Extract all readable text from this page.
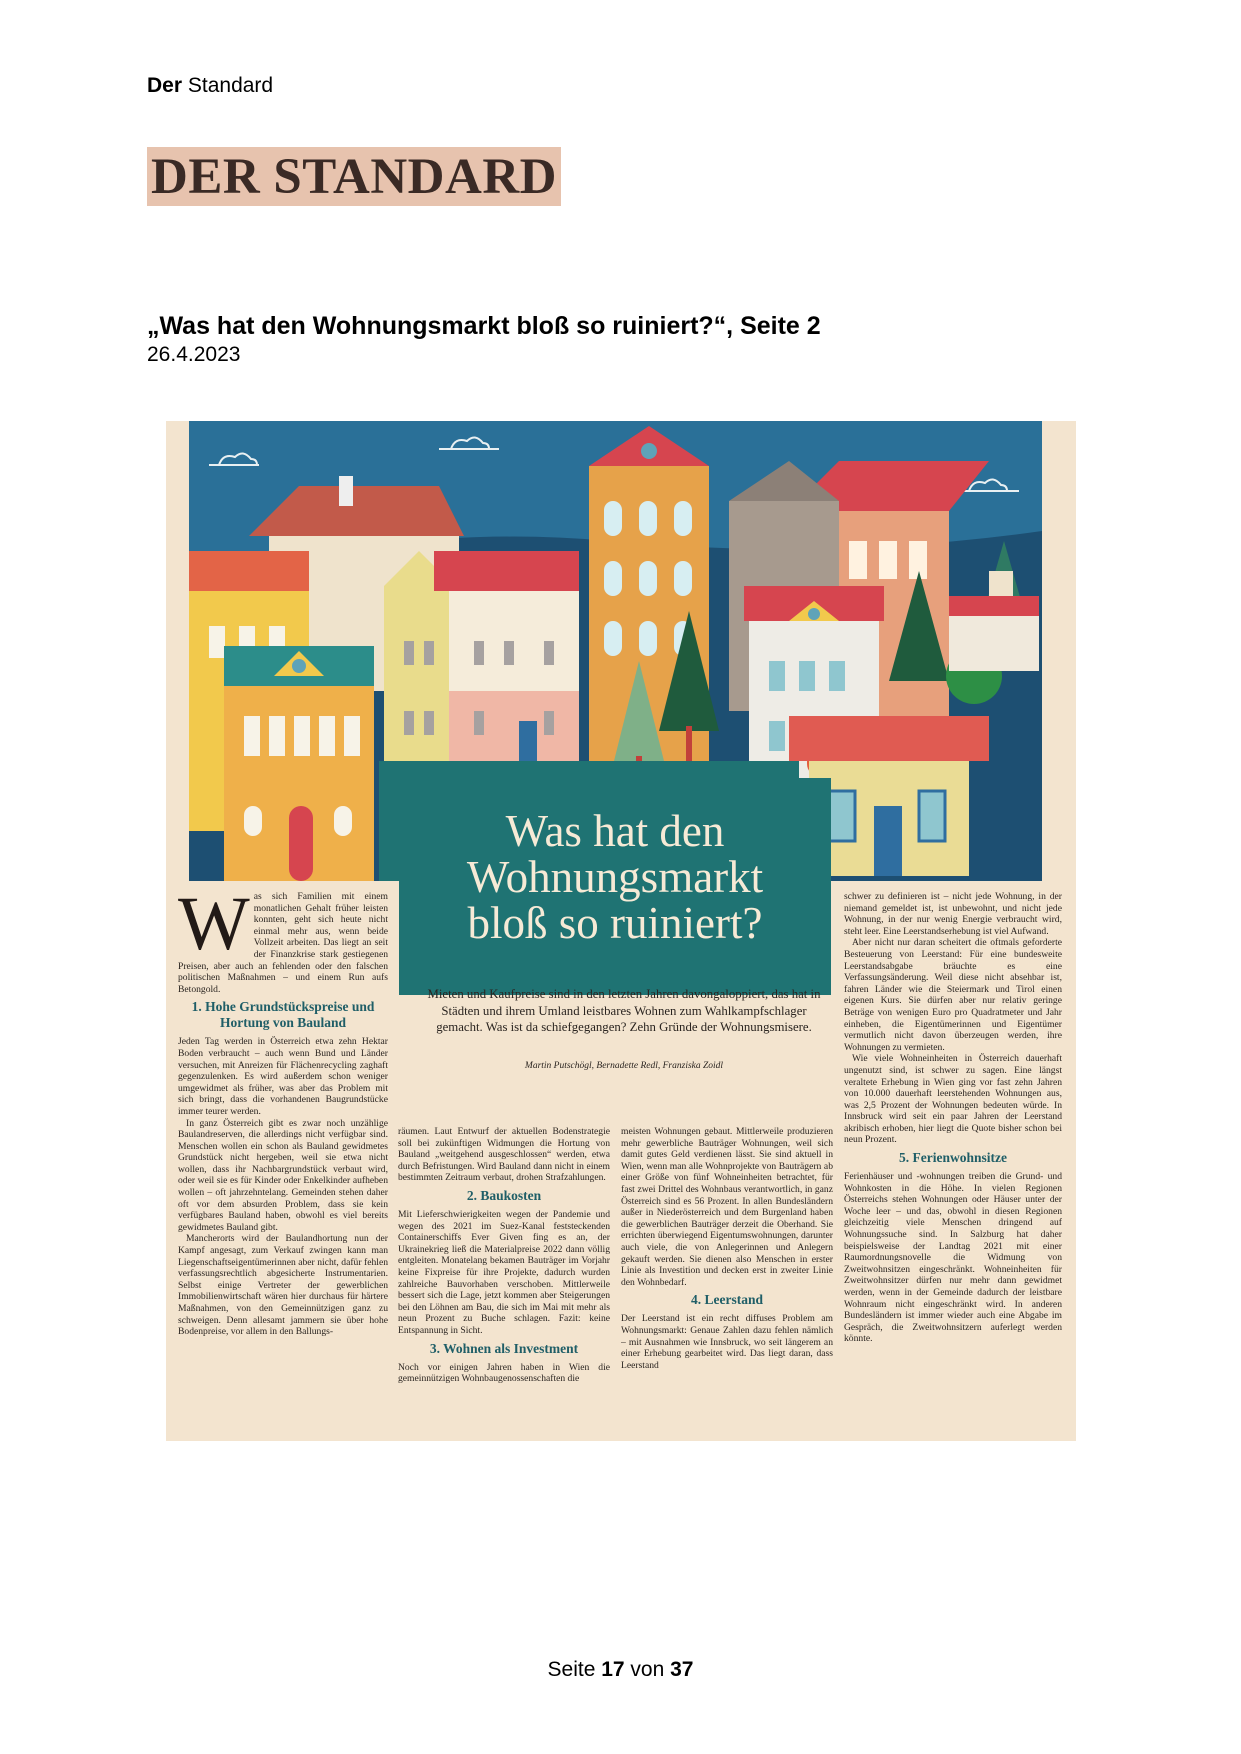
Der Standard
DER STANDARD
„Was hat den Wohnungsmarkt bloß so ruiniert?“, Seite 2
26.4.2023
Was hat den
Wohnungsmarkt
bloß so ruiniert?
Mieten und Kaufpreise sind in den letzten Jahren davongaloppiert, das hat in Städten und ihrem Umland leistbares Wohnen zum Wahlkampfschlager gemacht. Was ist da schiefgegangen? Zehn Gründe der Wohnungsmisere.
Martin Putschögl, Bernadette Redl, Franziska Zoidl
W as sich Familien mit einem monatlichen Gehalt früher leisten konnten, geht sich heute nicht einmal mehr aus, wenn beide Vollzeit arbeiten. Das liegt an seit der Finanzkrise stark gestiegenen Preisen, aber auch an fehlenden oder den falschen politischen Maßnahmen – und einem Run aufs Betongold.

1. Hohe Grundstückspreise und Hortung von Bauland

Jeden Tag werden in Österreich etwa zehn Hektar Boden verbraucht – auch wenn Bund und Länder versuchen, mit Anreizen für Flächenrecycling zaghaft gegenzulenken. Es wird außerdem schon weniger umgewidmet als früher, was aber das Problem mit sich bringt, dass die vorhandenen Baugrundstücke immer teurer werden.

In ganz Österreich gibt es zwar noch unzählige Baulandreserven, die allerdings nicht verfügbar sind. Menschen wollen ein schon als Bauland gewidmetes Grundstück nicht hergeben, weil sie etwa nicht wollen, dass ihr Nachbargrundstück verbaut wird, oder weil sie es für Kinder oder Enkelkinder aufheben wollen – oft jahrzehntelang. Gemeinden stehen daher oft vor dem absurden Problem, dass sie kein verfügbares Bauland haben, obwohl es viel bereits gewidmetes Bauland gibt.

Mancherorts wird der Baulandhortung nun der Kampf angesagt, zum Verkauf zwingen kann man Liegenschaftseigentümerinnen aber nicht, dafür fehlen verfassungsrechtlich abgesicherte Instrumentarien. Selbst einige Vertreter der gewerblichen Immobilienwirtschaft wären hier durchaus für härtere Maßnahmen, von den Gemeinnützigen ganz zu schweigen. Denn allesamt jammern sie über hohe Bodenpreise, vor allem in den Ballungs-

räumen. Laut Entwurf der aktuellen Bodenstrategie soll bei zukünftigen Widmungen die Hortung von Bauland „weitgehend ausgeschlossen“ werden, etwa durch Befristungen. Wird Bauland dann nicht in einem bestimmten Zeitraum verbaut, drohen Strafzahlungen.

2. Baukosten

Mit Lieferschwierigkeiten wegen der Pandemie und wegen des 2021 im Suez-Kanal feststeckenden Containerschiffs Ever Given fing es an, der Ukrainekrieg ließ die Materialpreise 2022 dann völlig entgleiten. Monatelang bekamen Bauträger im Vorjahr keine Fixpreise für ihre Projekte, dadurch wurden zahlreiche Bauvorhaben verschoben. Mittlerweile bessert sich die Lage, jetzt kommen aber Steigerungen bei den Löhnen am Bau, die sich im Mai mit mehr als neun Prozent zu Buche schlagen. Fazit: keine Entspannung in Sicht.

3. Wohnen als Investment

Noch vor einigen Jahren haben in Wien die gemeinnützigen Wohnbaugenossenschaften die

meisten Wohnungen gebaut. Mittlerweile produzieren mehr gewerbliche Bauträger Wohnungen, weil sich damit gutes Geld verdienen lässt. Sie sind aktuell in Wien, wenn man alle Wohnprojekte von Bauträgern ab einer Größe von fünf Wohneinheiten betrachtet, für fast zwei Drittel des Wohnbaus verantwortlich, in ganz Österreich sind es 56 Prozent. In allen Bundesländern außer in Niederösterreich und dem Burgenland haben die gewerblichen Bauträger derzeit die Oberhand. Sie errichten überwiegend Eigentumswohnungen, darunter auch viele, die von Anlegerinnen und Anlegern gekauft werden. Sie dienen also Menschen in erster Linie als Investition und decken erst in zweiter Linie den Wohnbedarf.

4. Leerstand

Der Leerstand ist ein recht diffuses Problem am Wohnungsmarkt: Genaue Zahlen dazu fehlen nämlich – mit Ausnahmen wie Innsbruck, wo seit längerem an einer Erhebung gearbeitet wird. Das liegt daran, dass Leerstand

schwer zu definieren ist – nicht jede Wohnung, in der niemand gemeldet ist, ist unbewohnt, und nicht jede Wohnung, in der nur wenig Energie verbraucht wird, steht leer. Eine Leerstandserhebung ist viel Aufwand.

Aber nicht nur daran scheitert die oftmals geforderte Besteuerung von Leerstand: Für eine bundesweite Leerstandsabgabe bräuchte es eine Verfassungsänderung. Weil diese nicht absehbar ist, fahren Länder wie die Steiermark und Tirol einen eigenen Kurs. Sie dürfen aber nur relativ geringe Beträge von wenigen Euro pro Quadratmeter und Jahr einheben, die Eigentümerinnen und Eigentümer vermutlich nicht davon überzeugen werden, ihre Wohnungen zu vermieten.

Wie viele Wohneinheiten in Österreich dauerhaft ungenutzt sind, ist schwer zu sagen. Eine längst veraltete Erhebung in Wien ging vor fast zehn Jahren von 10.000 dauerhaft leerstehenden Wohnungen aus, was 2,5 Prozent der Wohnungen bedeuten würde. In Innsbruck wird seit ein paar Jahren der Leerstand akribisch erhoben, hier liegt die Quote bisher schon bei neun Prozent.

5. Ferienwohnsitze

Ferienhäuser und -wohnungen treiben die Grund- und Wohnkosten in die Höhe. In vielen Regionen Österreichs stehen Wohnungen oder Häuser unter der Woche leer – und das, obwohl in diesen Regionen gleichzeitig viele Menschen dringend auf Wohnungssuche sind. In Salzburg hat daher beispielsweise der Landtag 2021 mit einer Raumordnungsnovelle die Widmung von Zweitwohnsitzen eingeschränkt. Wohneinheiten für Zweitwohnsitzer dürfen nur mehr dann gewidmet werden, wenn in der Gemeinde dadurch der leistbare Wohnraum nicht eingeschränkt wird. In anderen Bundesländern ist immer wieder auch eine Abgabe im Gespräch, die Zweitwohnsitzern auferlegt werden könnte.

Seite 17 von 37
